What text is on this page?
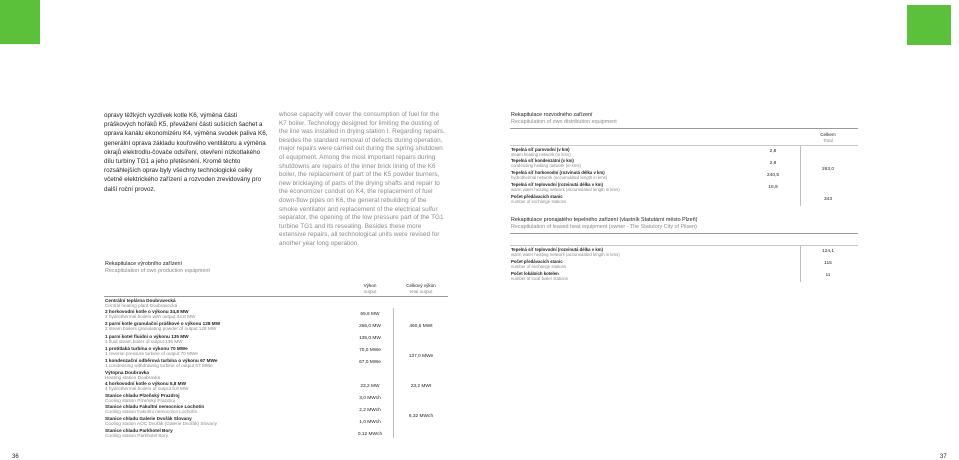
opravy těžkých vyzdívek kotle K6, výměna části práškových hořáků K5, převážení části sušících šachet a oprava kanálu ekonomizéru K4, výměna svodek paliva K6, generální oprava základu kouřového ventilátoru a výměna okrajů elektrodlu-čovače odsíření, otevření nízkotlakého dílu turbíny TG1 a jeho přetěsnění. Kromě těchto rozsáhlejších oprav byly všechny technologické celky včetně elektrického zařízení a rozvoden zrevidovány pro další roční provoz.
whose capacity will cover the consumption of fuel for the K7 boiler. Technology designed for limiting the dusting of the line was installed in drying station I. Regarding repairs, besides the standard removal of defects during operation, major repairs were carried out during the spring shutdown of equipment. Among the most important repairs during shutdowns are repairs of the inner brick lining of the K6 boiler, the replacement of part of the K5 powder burners, new bricklaying of parts of the drying shafts and repair to the economizer conduit on K4, the replacement of fuel down-flow pipes on K6, the general rebuilding of the smoke ventilator and replacement of the electrical sulfur separator, the opening of the low pressure part of the TG1 turbine TG1 and its resealing. Besides these more extensive repairs, all technological units were revised for another year long operation.
Rekapitulace výrobního zařízení
Recapitulation of own production equipment
Výkon
output
Celkový výkon
total output
Centrální teplárna Doubravecká
Central heating plant Doubravecká
2 horkovodní kotle o výkonu 34,8 MW
2 hydrothermal boilers with output 34,8 MW
2 parní kotle granulační práškové o výkonu 128 MW
2 steam boilers granulating powder of output 128 MW
1 parní kotel fluidní o výkonu 135 MW
1 fluid steam boiler of output 135 MW
1 protitlaká turbína o výkonu 70 MWe
1 reverse pressure turbine of output 70 MWe
1 kondenzační odběrová turbína o výkonu 67 MWe
1 condensing withdrawing turbine of output 67 MWe
Výtopna Doubravka
Heating station Doubravka
4 horkovodní kotle o výkonu 5,8 MW
4 hydrothermal boilers of output 5,8 MW
Stanice chladu Plzeňský Prazdroj
Cooling station Plzeňský Prazdroj
Stanice chladu Fakultní nemocnice Lochotín
Cooling station Fakultní nemocnice Lochotín
Stanice chladu Galerie Dvořák Slovany
Cooling station AOC Dvořák (Galerie Dvořák) Slovany
Stanice chladu Parkhotel Bory
Cooling station Parkhotel Bory
69,6 MW
256,0 MW
135,0 MW
70,0 MWe
67,0 MWe
23,2 MW
3,0 MWch
2,2 MWch
1,0 MWch
0,12 MWch
460,6 MWt
137,0 MWe
23,2 MWt
6,32 MWch
Rekapitulace rozvodného zařízení
Recapitulation of own distribution equipment
Celkem
Total
Tepelná síť parovodní (v km)
steam heating network (in kms)
Tepelná síť kondenzátní (v km)
condensing heating network (in kms)
Tepelná síť horkovodní (rozvinutá délka v km)
hydrothermal network (accumulated length in kms)
Tepelná síť teplovodní (rozvinutá délka v km)
warm water heating network (accumulated length in kms)
Počet předávacích stanic
number of exchange stations
2,8
2,8
240,5
16,9
263,0
343
Rekapitulace pronajatého tepelného zařízení (vlastník Statutární město Plzeň)
Recapitulation of leased heat equipment (owner - The Statutory City of Pilsen)
Tepelná síť teplovodní (rozvinutá délka v km)
warm water heating network (accumulated length in kms)
Počet předávacích stanic
number of exchange stations
Počet lokálních kotelen
number of local boiler stations
124,1
115
11
36	37
